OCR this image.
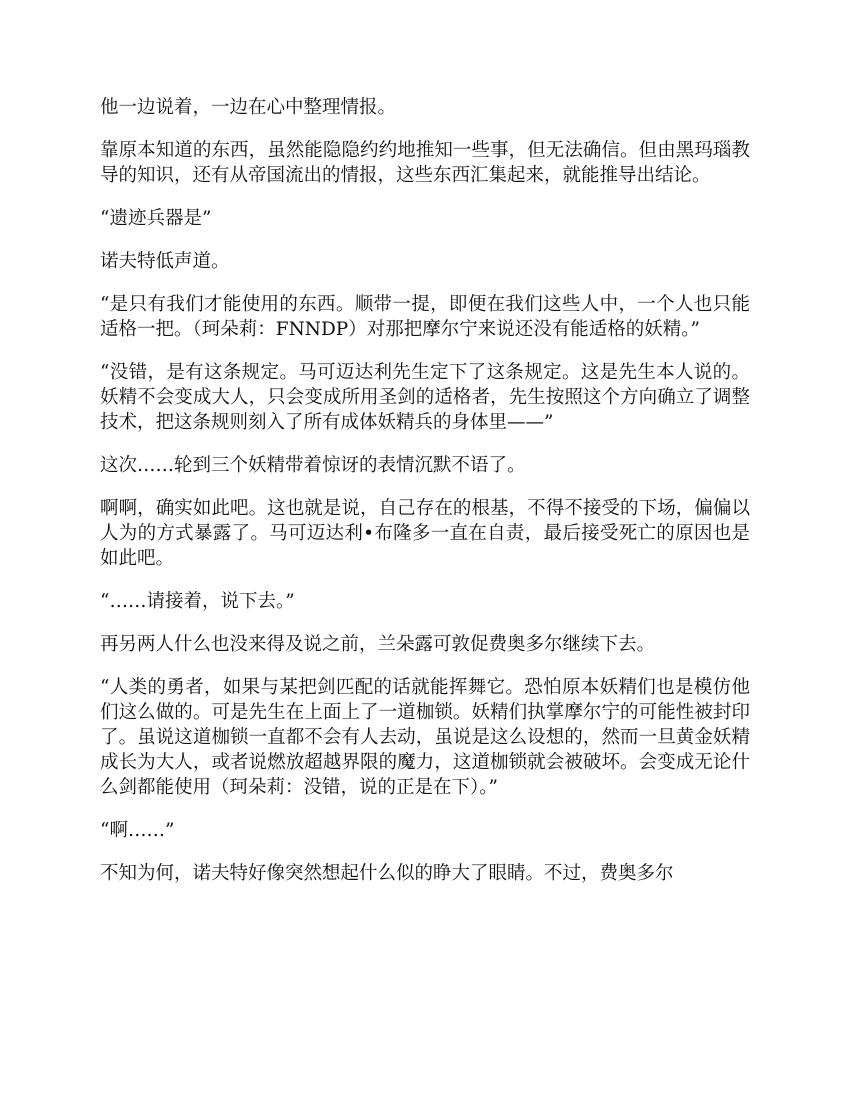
他一边说着，一边在心中整理情报。

靠原本知道的东西，虽然能隐隐约约地推知一些事，但无法确信。但由黑玛瑙教导的知识，还有从帝国流出的情报，这些东西汇集起来，就能推导出结论。

“遗迹兵器是”

诺夫特低声道。

“是只有我们才能使用的东西。顺带一提，即便在我们这些人中，一个人也只能适格一把。（珂朵莉：FNNDP）对那把摩尔宁来说还没有能适格的妖精。”

“没错，是有这条规定。马可迈达利先生定下了这条规定。这是先生本人说的。妖精不会变成大人，只会变成所用圣剑的适格者，先生按照这个方向确立了调整技术，把这条规则刻入了所有成体妖精兵的身体里——”

这次……轮到三个妖精带着惊讶的表情沉默不语了。

啊啊，确实如此吧。这也就是说，自己存在的根基，不得不接受的下场，偏偏以人为的方式暴露了。马可迈达利•布隆多一直在自责，最后接受死亡的原因也是如此吧。

“……请接着，说下去。”

再另两人什么也没来得及说之前，兰朵露可敦促费奥多尔继续下去。

“人类的勇者，如果与某把剑匹配的话就能挥舞它。恐怕原本妖精们也是模仿他们这么做的。可是先生在上面上了一道枷锁。妖精们执掌摩尔宁的可能性被封印了。虽说这道枷锁一直都不会有人去动，虽说是这么设想的，然而一旦黄金妖精成长为大人，或者说燃放超越界限的魔力，这道枷锁就会被破坏。会变成无论什么剑都能使用（珂朵莉：没错，说的正是在下）。”

“啊……”

不知为何，诺夫特好像突然想起什么似的睁大了眼睛。不过，费奥多尔
